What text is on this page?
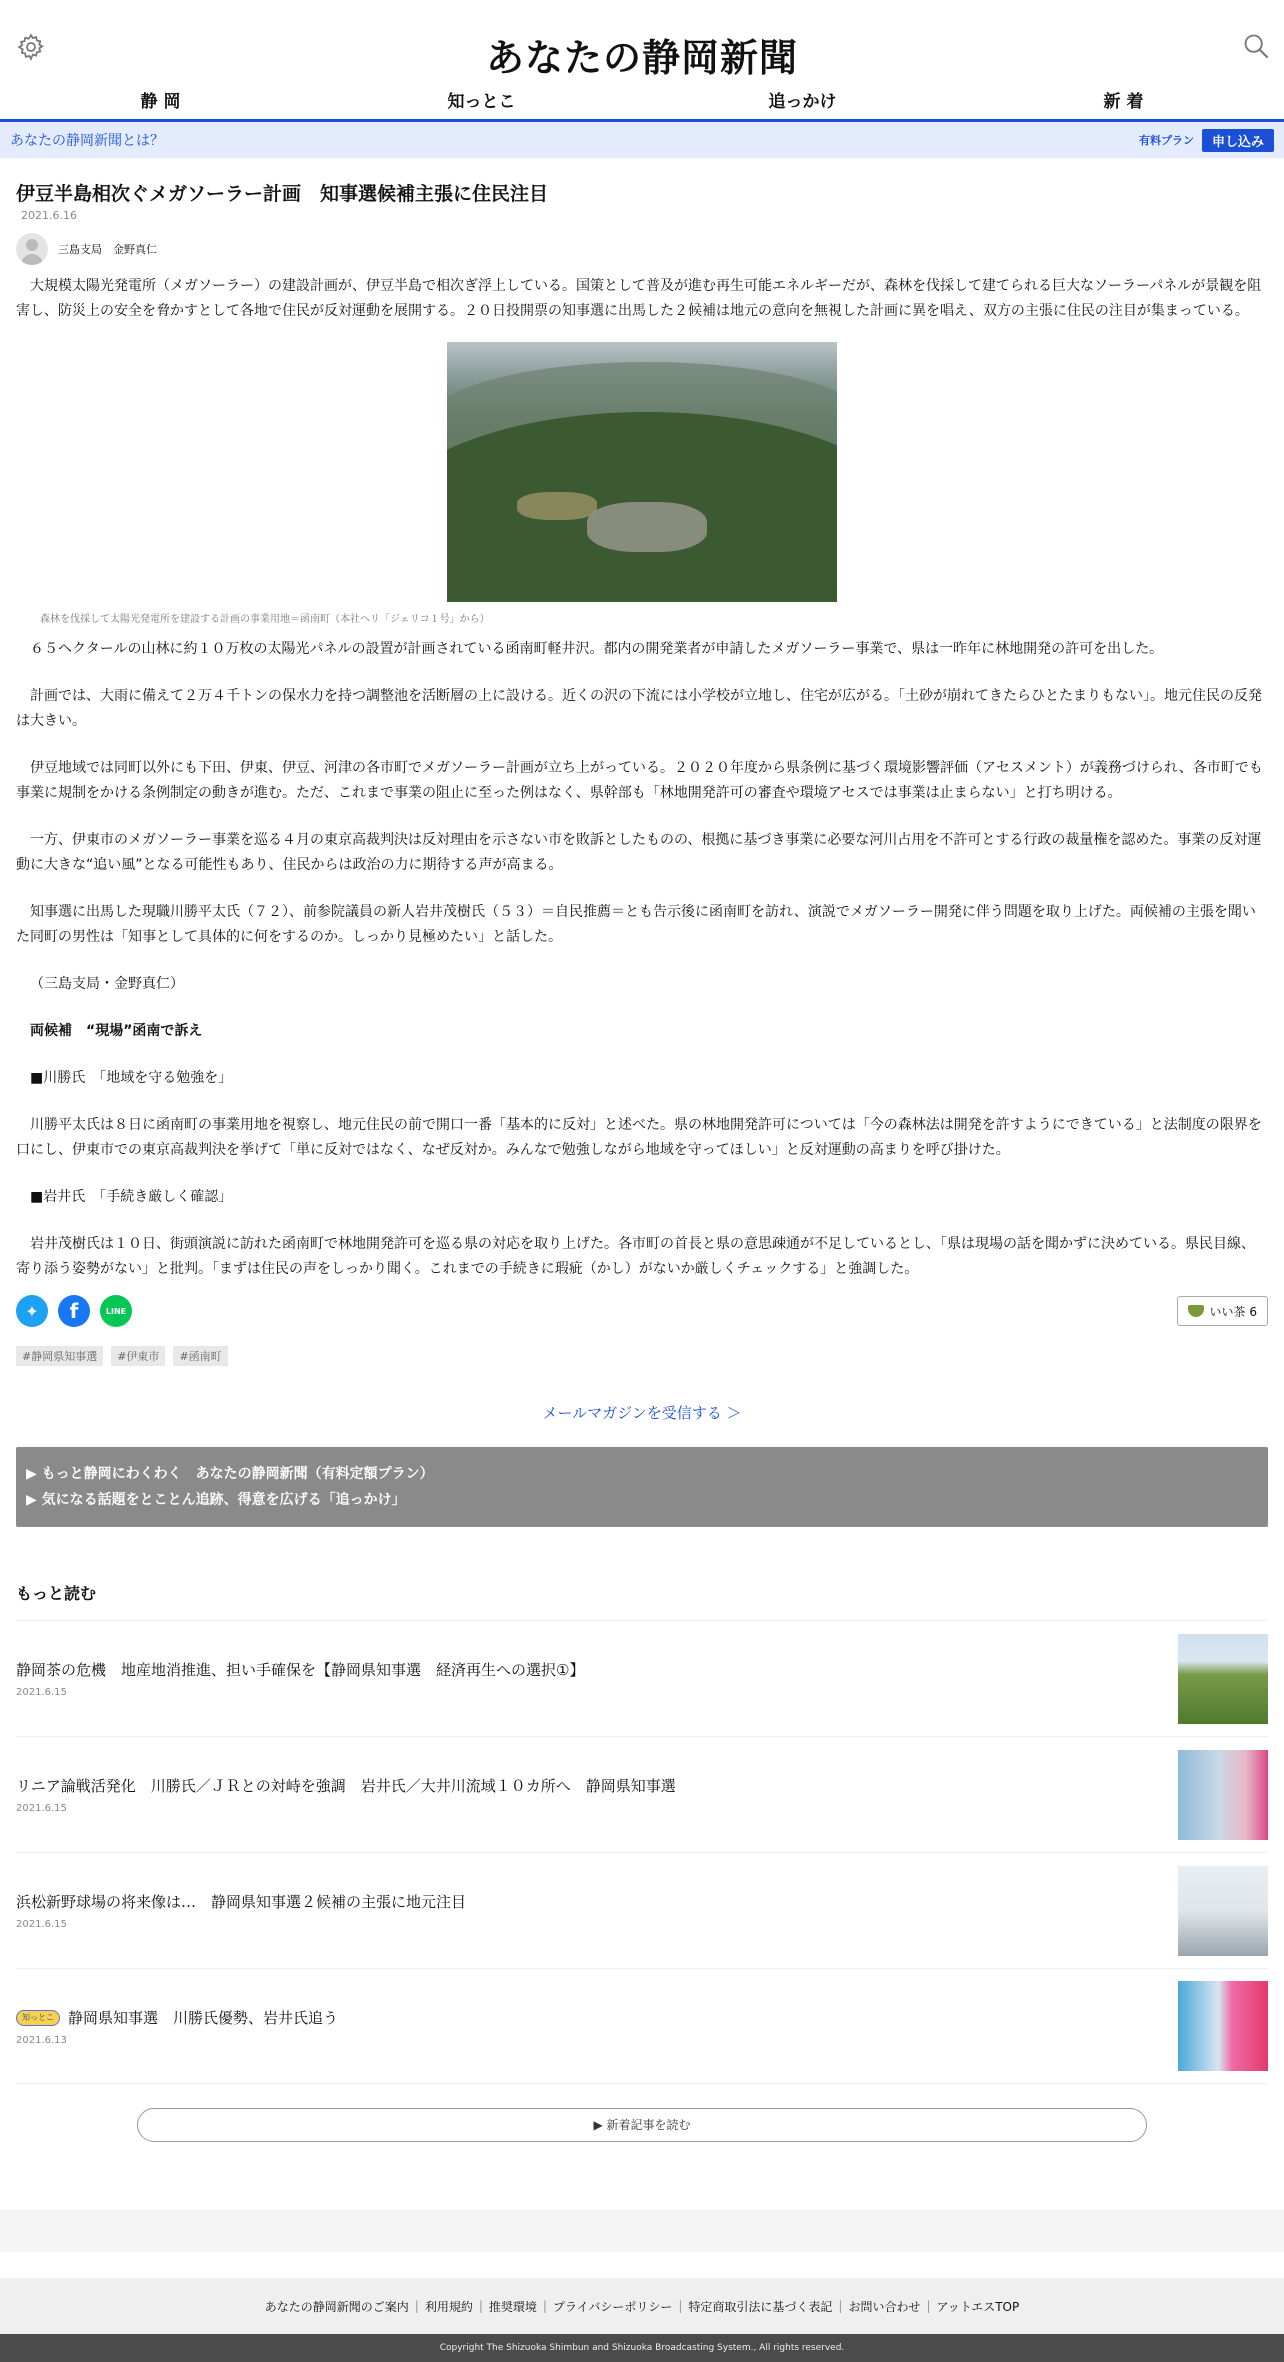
あなたの静岡新聞
静 岡	知っとこ	追っかけ	新 着
あなたの静岡新聞とは？	有料プラン	申し込み
伊豆半島相次ぐメガソーラー計画　知事選候補主張に住民注目
2021.6.16
三島支局　金野真仁

大規模太陽光発電所（メガソーラー）の建設計画が、伊豆半島で相次ぎ浮上している。国策として普及が進む再生可能エネルギーだが、森林を伐採して建てられる巨大なソーラーパネルが景観を阻害し、防災上の安全を脅かすとして各地で住民が反対運動を展開する。２０日投開票の知事選に出馬した２候補は地元の意向を無視した計画に異を唱え、双方の主張に住民の注目が集まっている。

森林を伐採して太陽光発電所を建設する計画の事業用地＝函南町（本社ヘリ「ジェリコ１号」から）

６５ヘクタールの山林に約１０万枚の太陽光パネルの設置が計画されている函南町軽井沢。都内の開発業者が申請したメガソーラー事業で、県は一昨年に林地開発の許可を出した。

計画では、大雨に備えて２万４千トンの保水力を持つ調整池を活断層の上に設ける。近くの沢の下流には小学校が立地し、住宅が広がる。「土砂が崩れてきたらひとたまりもない」。地元住民の反発は大きい。

伊豆地域では同町以外にも下田、伊東、伊豆、河津の各市町でメガソーラー計画が立ち上がっている。２０２０年度から県条例に基づく環境影響評価（アセスメント）が義務づけられ、各市町でも事業に規制をかける条例制定の動きが進む。ただ、これまで事業の阻止に至った例はなく、県幹部も「林地開発許可の審査や環境アセスでは事業は止まらない」と打ち明ける。

一方、伊東市のメガソーラー事業を巡る４月の東京高裁判決は反対理由を示さない市を敗訴としたものの、根拠に基づき事業に必要な河川占用を不許可とする行政の裁量権を認めた。事業の反対運動に大きな“追い風”となる可能性もあり、住民からは政治の力に期待する声が高まる。

知事選に出馬した現職川勝平太氏（７２）、前参院議員の新人岩井茂樹氏（５３）＝自民推薦＝とも告示後に函南町を訪れ、演説でメガソーラー開発に伴う問題を取り上げた。両候補の主張を聞いた同町の男性は「知事として具体的に何をするのか。しっかり見極めたい」と話した。

（三島支局・金野真仁）

両候補　“現場”函南で訴え

■川勝氏　「地域を守る勉強を」

川勝平太氏は８日に函南町の事業用地を視察し、地元住民の前で開口一番「基本的に反対」と述べた。県の林地開発許可については「今の森林法は開発を許すようにできている」と法制度の限界を口にし、伊東市での東京高裁判決を挙げて「単に反対ではなく、なぜ反対か。みんなで勉強しながら地域を守ってほしい」と反対運動の高まりを呼び掛けた。

■岩井氏　「手続き厳しく確認」

岩井茂樹氏は１０日、街頭演説に訪れた函南町で林地開発許可を巡る県の対応を取り上げた。各市町の首長と県の意思疎通が不足しているとし、「県は現場の話を聞かずに決めている。県民目線、寄り添う姿勢がない」と批判。「まずは住民の声をしっかり聞く。これまでの手続きに瑕疵（かし）がないか厳しくチェックする」と強調した。

✦	f	LINE	いい茶 6
#静岡県知事選	#伊東市	#函南町
メールマガジンを受信する ＞
▶ もっと静岡にわくわく　あなたの静岡新聞（有料定額プラン）
▶ 気になる話題をとことん追跡、得意を広げる「追っかけ」
もっと読む
静岡茶の危機　地産地消推進、担い手確保を【静岡県知事選　経済再生への選択①】
2021.6.15
リニア論戦活発化　川勝氏／ＪＲとの対峙を強調　岩井氏／大井川流域１０カ所へ　静岡県知事選
2021.6.15
浜松新野球場の将来像は…　静岡県知事選２候補の主張に地元注目
2021.6.15
知っとこ 静岡県知事選　川勝氏優勢、岩井氏追う
2021.6.13
▶ 新着記事を読む
あなたの静岡新聞のご案内 | 利用規約 | 推奨環境 | プライバシーポリシー | 特定商取引法に基づく表記 | お問い合わせ | アットエスTOP
Copyright The Shizuoka Shimbun and Shizuoka Broadcasting System., All rights reserved.
